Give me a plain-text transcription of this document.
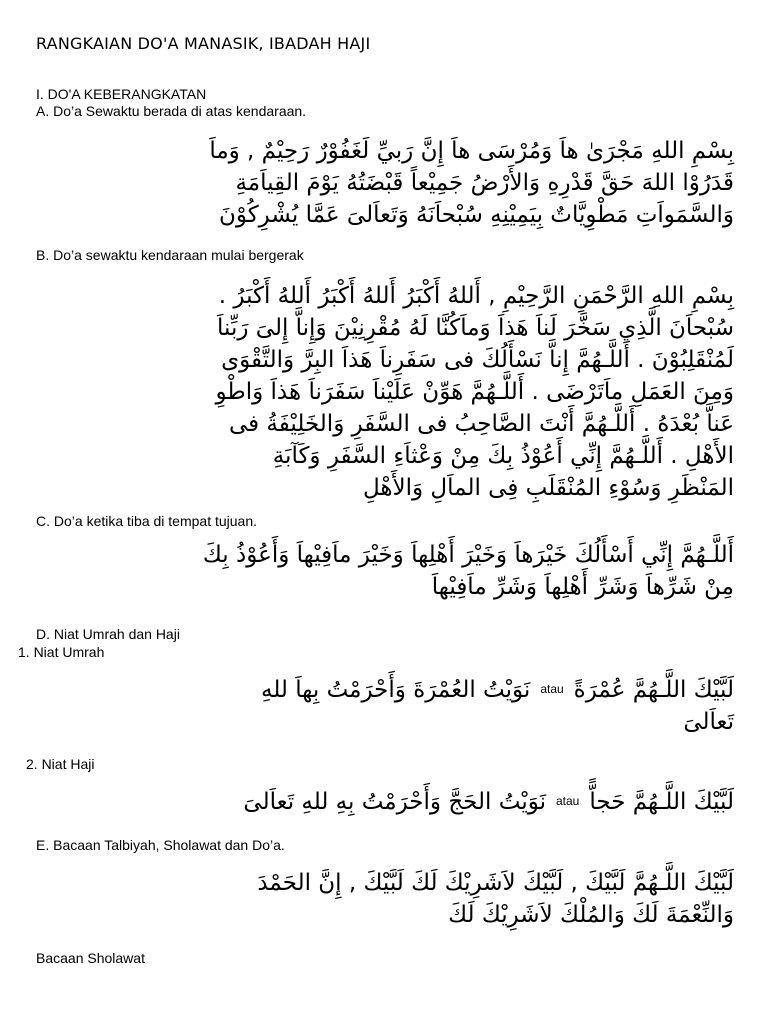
RANGKAIAN DO'A MANASIK, IBADAH HAJI
I. DO'A KEBERANGKATAN
A. Do’a Sewaktu berada di atas kendaraan.
بِسْمِ اللهِ مَجْرَىٰ هاَ وَمُرْسَى هاَ إِنَّ رَبيِّ لَغَفُوْرٌ رَحِيْمٌ , وَماَ
قَدَرُوْا اللهَ حَقَّ قَدْرِهِ وَالأَرْضُ جَمِيْعاً قَبْضَتُهُ يَوْمَ القِياَمَةِ
وَالسَّمَواَتِ مَطْوِيَّاتٌ بِيَمِيْنِهِ سُبْحاَنَهُ وَتَعاَلىَ عَمَّا يُشْرِكُوْنَ
B. Do’a sewaktu kendaraan mulai bergerak
بِسْمِ اللهِ الرَّحْمَنِ الرَّحِيْمِ , أَللهُ أَكْبَرُ أَللهُ أَكْبَرُ أَللهُ أَكْبَرُ .
سُبْحاَنَ الَّذِي سَخَّرَ لَناَ هَذاَ وَماَكُنَّا لَهُ مُقْرِنِيْنَ وَإِناَّ إِلىَ رَبِّناَ
لَمُنْقَلِبُوْنَ . أَللَّـهُمَّ إِناَّ نَسْأَلُكَ فى سَفَرِناَ هَذاَ البِرَّ وَالتَّقْوَى
وَمِنَ العَمَلِ ماَتَرْضَى . أَللَّـهُمَّ هَوِّنْ عَلَيْناَ سَفَرَناَ هَذاَ وَاطْوِ
عَناَّ بُعْدَهُ . أَللَّـهُمَّ أَنْتَ الصَّاحِبُ فى السَّفَرِ وَالخَلِيْفَةُ فى
الأَهْلِ . أَللَّـهُمَّ إِنِّي أَعُوْذُ بِكَ مِنْ وَعْثاَءِ السَّفَرِ وَكَآبَةِ
المَنْظَرِ وَسُوْءِ المُنْقَلَبِ فِى الماَلِ وَالأَهْلِ
C. Do’a ketika tiba di tempat tujuan.
أَللَّـهُمَّ إِنِّي أَسْأَلُكَ خَيْرَهاَ وَخَيْرَ أَهْلِهاَ وَخَيْرَ ماَفِيْهاَ وَأَعُوْذُ بِكَ
مِنْ شَرِّهاَ وَشَرِّ أَهْلِهاَ وَشَرِّ ماَفِيْهاَ
D. Niat Umrah dan Haji
1. Niat Umrah
لَبَّيْكَ اللَّـهُمَّ عُمْرَةًatauنَوَيْتُ العُمْرَةَ وَأَحْرَمْتُ بِهاَ للهِ
تَعاَلىَ
2. Niat Haji
لَبَّيْكَ اللَّـهُمَّ حَجاًّatauنَوَيْتُ الحَجَّ وَأَحْرَمْتُ بِهِ للهِ تَعاَلىَ
E. Bacaan Talbiyah, Sholawat dan Do’a.
لَبَّيْكَ اللَّـهُمَّ لَبَّيْكَ , لَبَّيْكَ لاَشَرِيْكَ لَكَ لَبَّيْكَ , إِنَّ الحَمْدَ
وَالنِّعْمَةَ لَكَ وَالمُلْكَ لاَشَرِيْكَ لَكَ
Bacaan Sholawat
